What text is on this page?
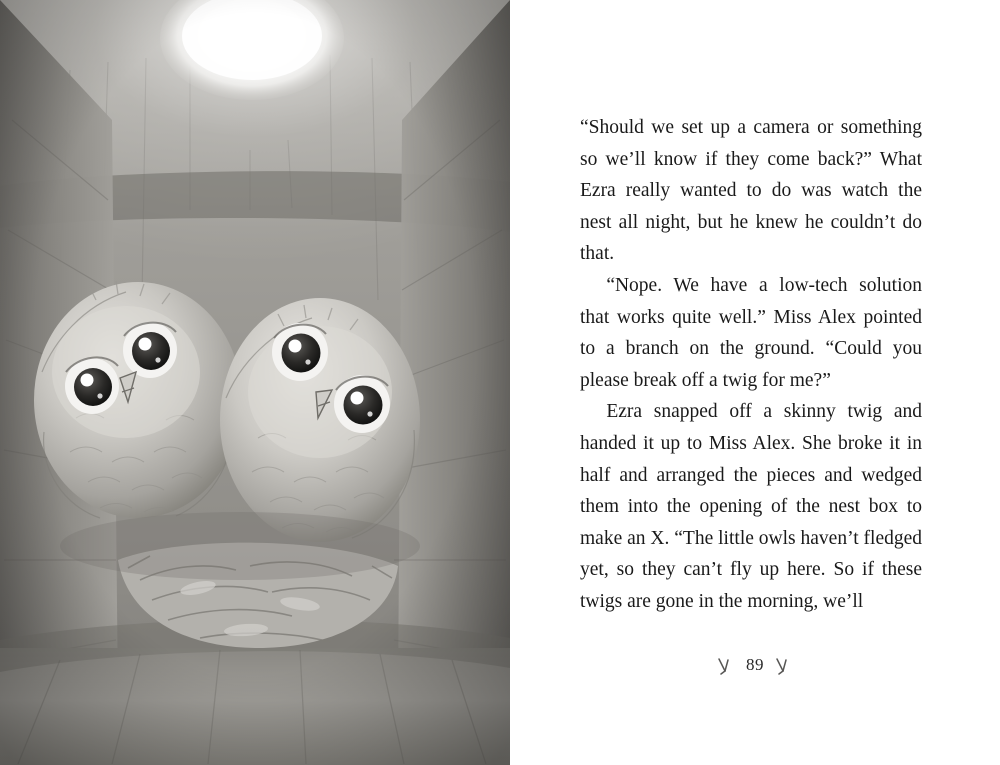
“Should we set up a camera or something so we’ll know if they come back?” What Ezra really wanted to do was watch the nest all night, but he knew he couldn’t do that.

“Nope. We have a low-tech solution that works quite well.” Miss Alex pointed to a branch on the ground. “Could you please break off a twig for me?”

Ezra snapped off a skinny twig and handed it up to Miss Alex. She broke it in half and arranged the pieces and wedged them into the opening of the nest box to make an X. “The little owls haven’t fledged yet, so they can’t fly up here. So if these twigs are gone in the morning, we’ll

89
